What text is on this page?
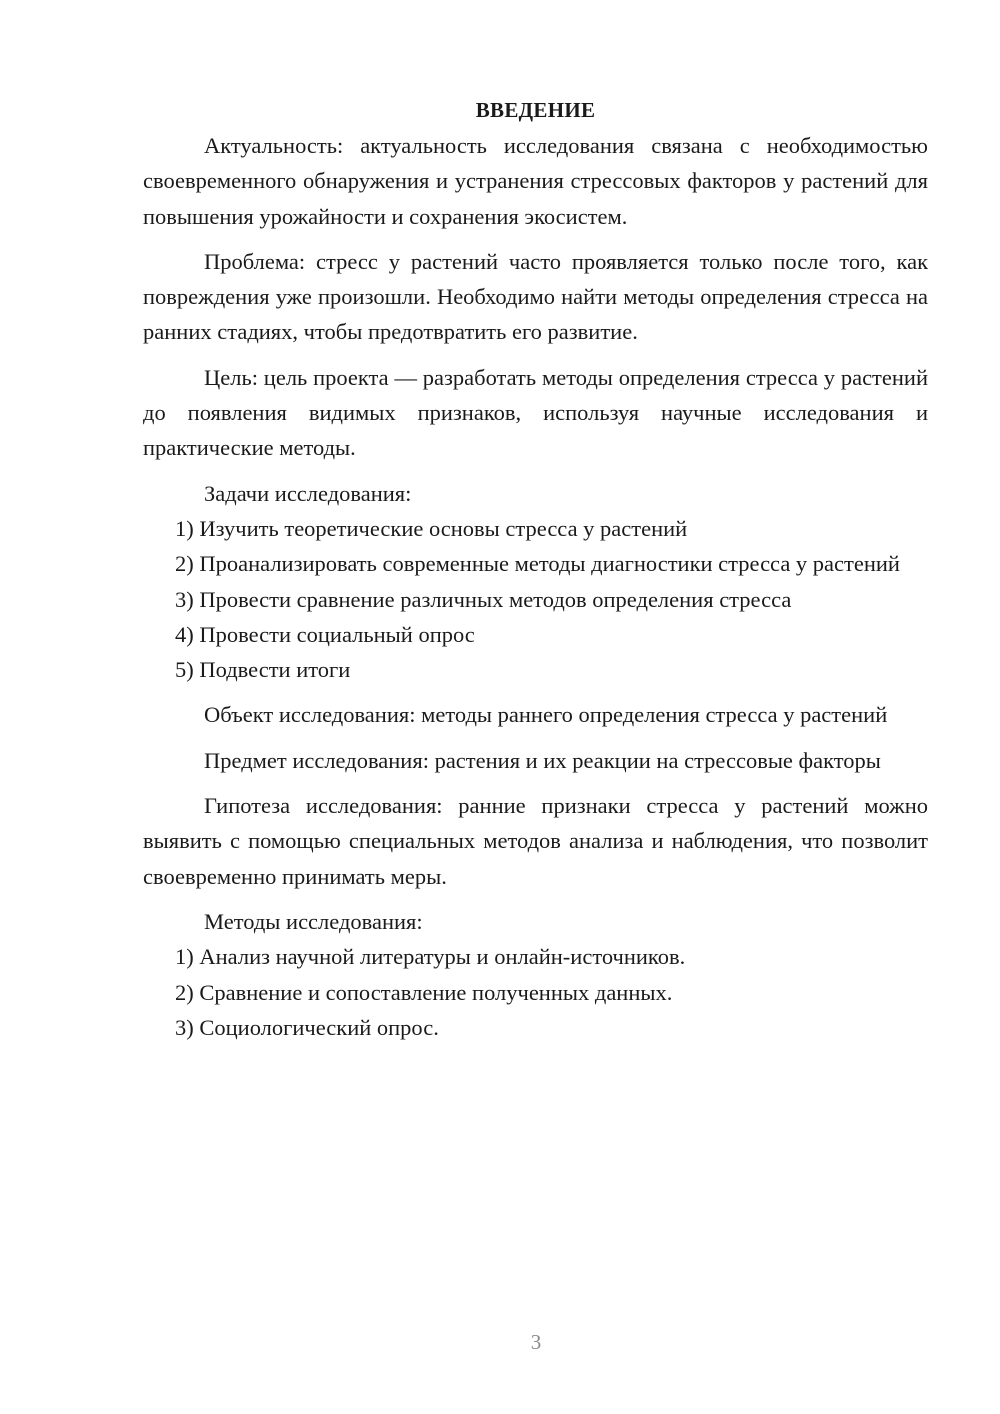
ВВЕДЕНИЕ

Актуальность: актуальность исследования связана с необходимостью своевременного обнаружения и устранения стрессовых факторов у растений для повышения урожайности и сохранения экосистем.

Проблема: стресс у растений часто проявляется только после того, как повреждения уже произошли. Необходимо найти методы определения стресса на ранних стадиях, чтобы предотвратить его развитие.

Цель: цель проекта — разработать методы определения стресса у растений до появления видимых признаков, используя научные исследования и практические методы.

Задачи исследования:

1) Изучить теоретические основы стресса у растений

2) Проанализировать современные методы диагностики стресса у растений

3) Провести сравнение различных методов определения стресса

4) Провести социальный опрос

5) Подвести итоги

Объект исследования: методы раннего определения стресса у растений

Предмет исследования: растения и их реакции на стрессовые факторы

Гипотеза исследования: ранние признаки стресса у растений можно выявить с помощью специальных методов анализа и наблюдения, что позволит своевременно принимать меры.

Методы исследования:

1) Анализ научной литературы и онлайн-источников.

2) Сравнение и сопоставление полученных данных.

3) Социологический опрос.

3
